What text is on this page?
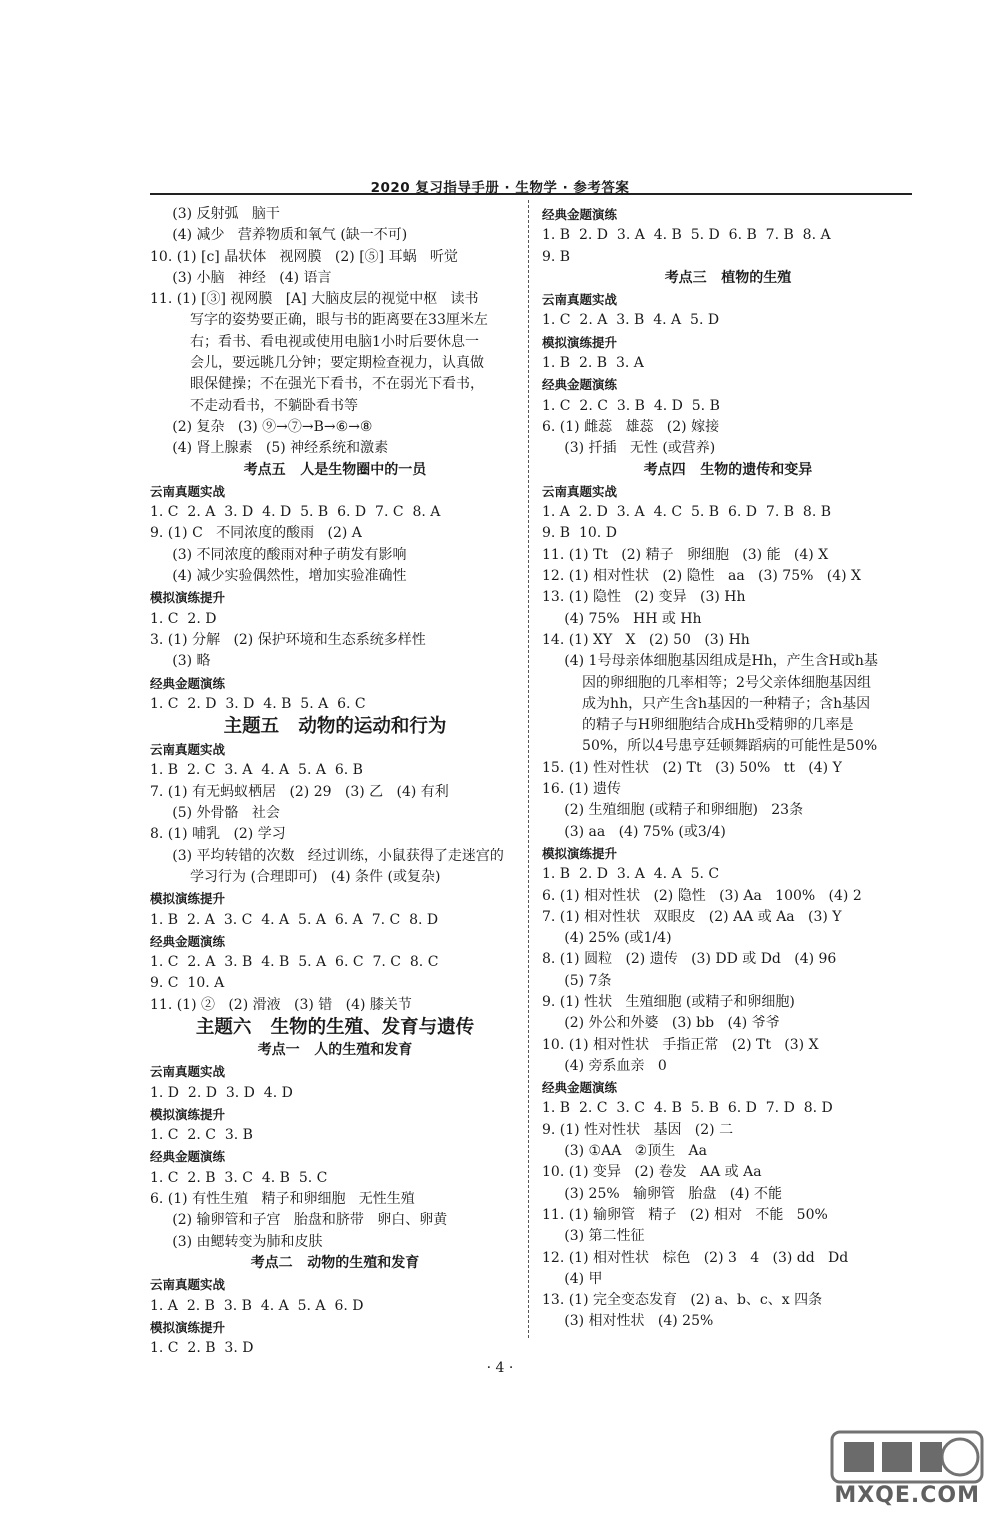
2020 复习指导手册 · 生物学 · 参考答案
(3) 反射弧   脑干
(4) 减少   营养物质和氧气 (缺一不可)
10. (1) [c] 晶状体   视网膜   (2) [⑤] 耳蜗   听觉
(3) 小脑   神经   (4) 语言
11. (1) [③] 视网膜   [A] 大脑皮层的视觉中枢   读书
写字的姿势要正确，眼与书的距离要在33厘米左
右；看书、看电视或使用电脑1小时后要休息一
会儿，要远眺几分钟；要定期检查视力，认真做
眼保健操；不在强光下看书，不在弱光下看书，
不走动看书，不躺卧看书等
(2) 复杂   (3) ⑨→⑦→B→⑥→⑧
(4) 肾上腺素   (5) 神经系统和激素
考点五   人是生物圈中的一员
云南真题实战
1. C  2. A  3. D  4. D  5. B  6. D  7. C  8. A
9. (1) C   不同浓度的酸雨   (2) A
(3) 不同浓度的酸雨对种子萌发有影响
(4) 减少实验偶然性，增加实验准确性
模拟演练提升
1. C  2. D
3. (1) 分解   (2) 保护环境和生态系统多样性
(3) 略
经典金题演练
1. C  2. D  3. D  4. B  5. A  6. C
主题五   动物的运动和行为
云南真题实战
1. B  2. C  3. A  4. A  5. A  6. B
7. (1) 有无蚂蚁栖居   (2) 29   (3) 乙   (4) 有利
(5) 外骨骼   社会
8. (1) 哺乳   (2) 学习
(3) 平均转错的次数   经过训练，小鼠获得了走迷宫的
学习行为 (合理即可)   (4) 条件 (或复杂)
模拟演练提升
1. B  2. A  3. C  4. A  5. A  6. A  7. C  8. D
经典金题演练
1. C  2. A  3. B  4. B  5. A  6. C  7. C  8. C
9. C  10. A
11. (1) ②   (2) 滑液   (3) 错   (4) 膝关节
主题六   生物的生殖、发育与遗传
考点一   人的生殖和发育
云南真题实战
1. D  2. D  3. D  4. D
模拟演练提升
1. C  2. C  3. B
经典金题演练
1. C  2. B  3. C  4. B  5. C
6. (1) 有性生殖   精子和卵细胞   无性生殖
(2) 输卵管和子宫   胎盘和脐带   卵白、卵黄
(3) 由鳃转变为肺和皮肤
考点二   动物的生殖和发育
云南真题实战
1. A  2. B  3. B  4. A  5. A  6. D
模拟演练提升
1. C  2. B  3. D
经典金题演练
1. B  2. D  3. A  4. B  5. D  6. B  7. B  8. A
9. B
考点三   植物的生殖
云南真题实战
1. C  2. A  3. B  4. A  5. D
模拟演练提升
1. B  2. B  3. A
经典金题演练
1. C  2. C  3. B  4. D  5. B
6. (1) 雌蕊   雄蕊   (2) 嫁接
(3) 扦插   无性 (或营养)
考点四   生物的遗传和变异
云南真题实战
1. A  2. D  3. A  4. C  5. B  6. D  7. B  8. B
9. B  10. D
11. (1) Tt   (2) 精子   卵细胞   (3) 能   (4) X
12. (1) 相对性状   (2) 隐性   aa   (3) 75%   (4) X
13. (1) 隐性   (2) 变异   (3) Hh
(4) 75%   HH 或 Hh
14. (1) XY   X   (2) 50   (3) Hh
(4) 1号母亲体细胞基因组成是Hh，产生含H或h基
因的卵细胞的几率相等；2号父亲体细胞基因组
成为hh，只产生含h基因的一种精子；含h基因
的精子与H卵细胞结合成Hh受精卵的几率是
50%，所以4号患亨廷顿舞蹈病的可能性是50%
15. (1) 性对性状   (2) Tt   (3) 50%   tt   (4) Y
16. (1) 遗传
(2) 生殖细胞 (或精子和卵细胞)   23条
(3) aa   (4) 75% (或3/4)
模拟演练提升
1. B  2. D  3. A  4. A  5. C
6. (1) 相对性状   (2) 隐性   (3) Aa   100%   (4) 2
7. (1) 相对性状   双眼皮   (2) AA 或 Aa   (3) Y
(4) 25% (或1/4)
8. (1) 圆粒   (2) 遗传   (3) DD 或 Dd   (4) 96
(5) 7条
9. (1) 性状   生殖细胞 (或精子和卵细胞)
(2) 外公和外婆   (3) bb   (4) 爷爷
10. (1) 相对性状   手指正常   (2) Tt   (3) X
(4) 旁系血亲   0
经典金题演练
1. B  2. C  3. C  4. B  5. B  6. D  7. D  8. D
9. (1) 性对性状   基因   (2) 二
(3) ①AA   ②顶生   Aa
10. (1) 变异   (2) 卷发   AA 或 Aa
(3) 25%   输卵管   胎盘   (4) 不能
11. (1) 输卵管   精子   (2) 相对   不能   50%
(3) 第二性征
12. (1) 相对性状   棕色   (2) 3   4   (3) dd   Dd
(4) 甲
13. (1) 完全变态发育   (2) a、b、c、x 四条
(3) 相对性状   (4) 25%
· 4 ·
MXQE.COM
